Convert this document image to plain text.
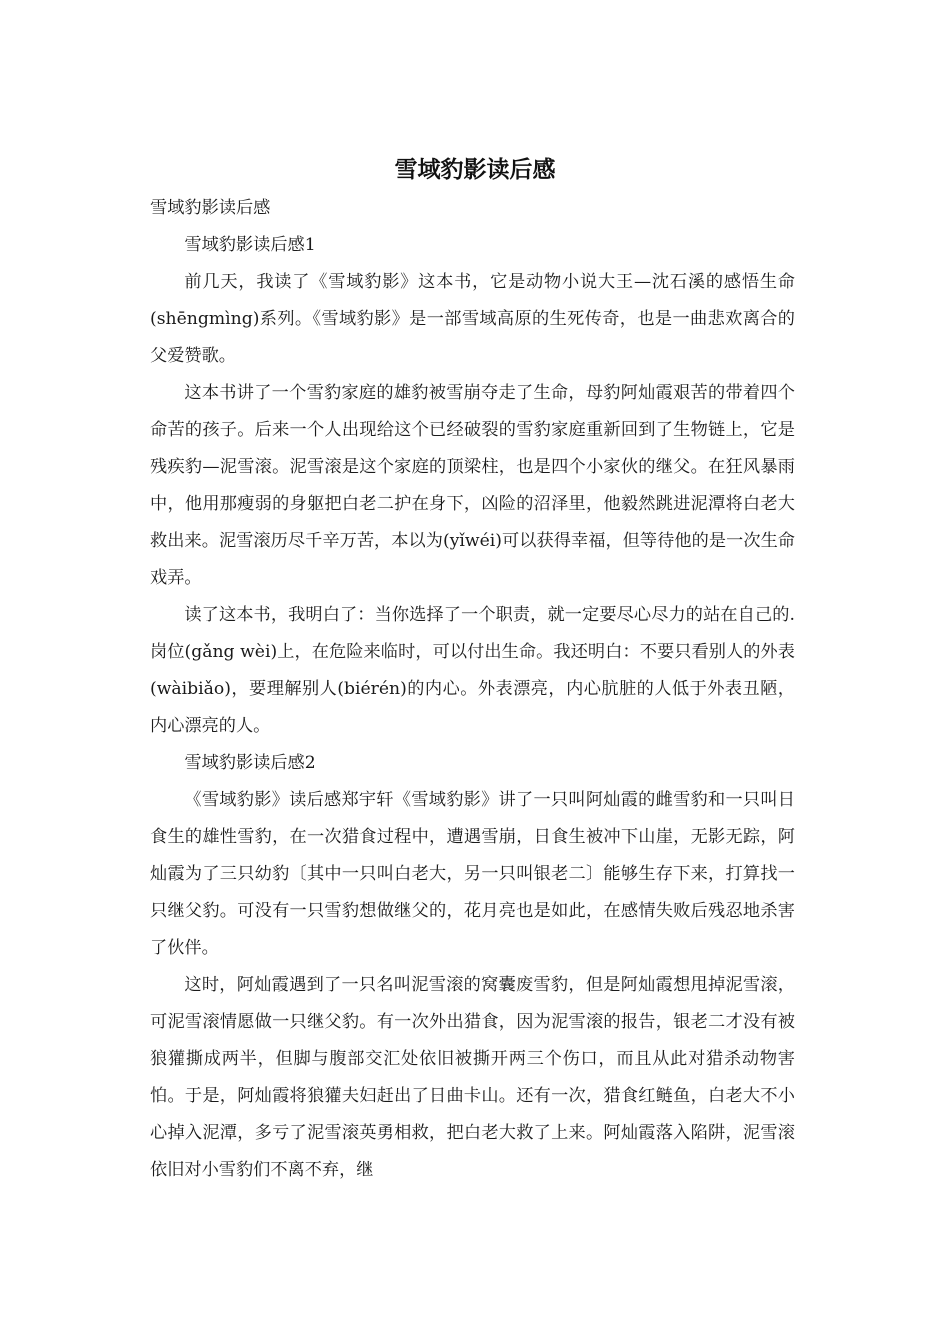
雪域豹影读后感

雪域豹影读后感

雪域豹影读后感1

前几天，我读了《雪域豹影》这本书，它是动物小说大王—沈石溪的感悟生命(shēngmìng)系列。《雪域豹影》是一部雪域高原的生死传奇，也是一曲悲欢离合的父爱赞歌。

这本书讲了一个雪豹家庭的雄豹被雪崩夺走了生命，母豹阿灿霞艰苦的带着四个命苦的孩子。后来一个人出现给这个已经破裂的雪豹家庭重新回到了生物链上，它是残疾豹—泥雪滚。泥雪滚是这个家庭的顶梁柱，也是四个小家伙的继父。在狂风暴雨中，他用那瘦弱的身躯把白老二护在身下，凶险的沼泽里，他毅然跳进泥潭将白老大救出来。泥雪滚历尽千辛万苦，本以为(yǐwéi)可以获得幸福，但等待他的是一次生命戏弄。

读了这本书，我明白了：当你选择了一个职责，就一定要尽心尽力的站在自己的.岗位(gǎng wèi)上，在危险来临时，可以付出生命。我还明白：不要只看别人的外表(wàibiǎo)，要理解别人(biérén)的内心。外表漂亮，内心肮脏的人低于外表丑陋，内心漂亮的人。

雪域豹影读后感2

《雪域豹影》读后感郑宇轩《雪域豹影》讲了一只叫阿灿霞的雌雪豹和一只叫日食生的雄性雪豹，在一次猎食过程中，遭遇雪崩，日食生被冲下山崖，无影无踪，阿灿霞为了三只幼豹〔其中一只叫白老大，另一只叫银老二〕能够生存下来，打算找一只继父豹。可没有一只雪豹想做继父的，花月亮也是如此，在感情失败后残忍地杀害了伙伴。

这时，阿灿霞遇到了一只名叫泥雪滚的窝囊废雪豹，但是阿灿霞想甩掉泥雪滚，可泥雪滚情愿做一只继父豹。有一次外出猎食，因为泥雪滚的报告，银老二才没有被狼獾撕成两半，但脚与腹部交汇处依旧被撕开两三个伤口，而且从此对猎杀动物害怕。于是，阿灿霞将狼獾夫妇赶出了日曲卡山。还有一次，猎食红鲢鱼，白老大不小心掉入泥潭，多亏了泥雪滚英勇相救，把白老大救了上来。阿灿霞落入陷阱，泥雪滚依旧对小雪豹们不离不弃，继
